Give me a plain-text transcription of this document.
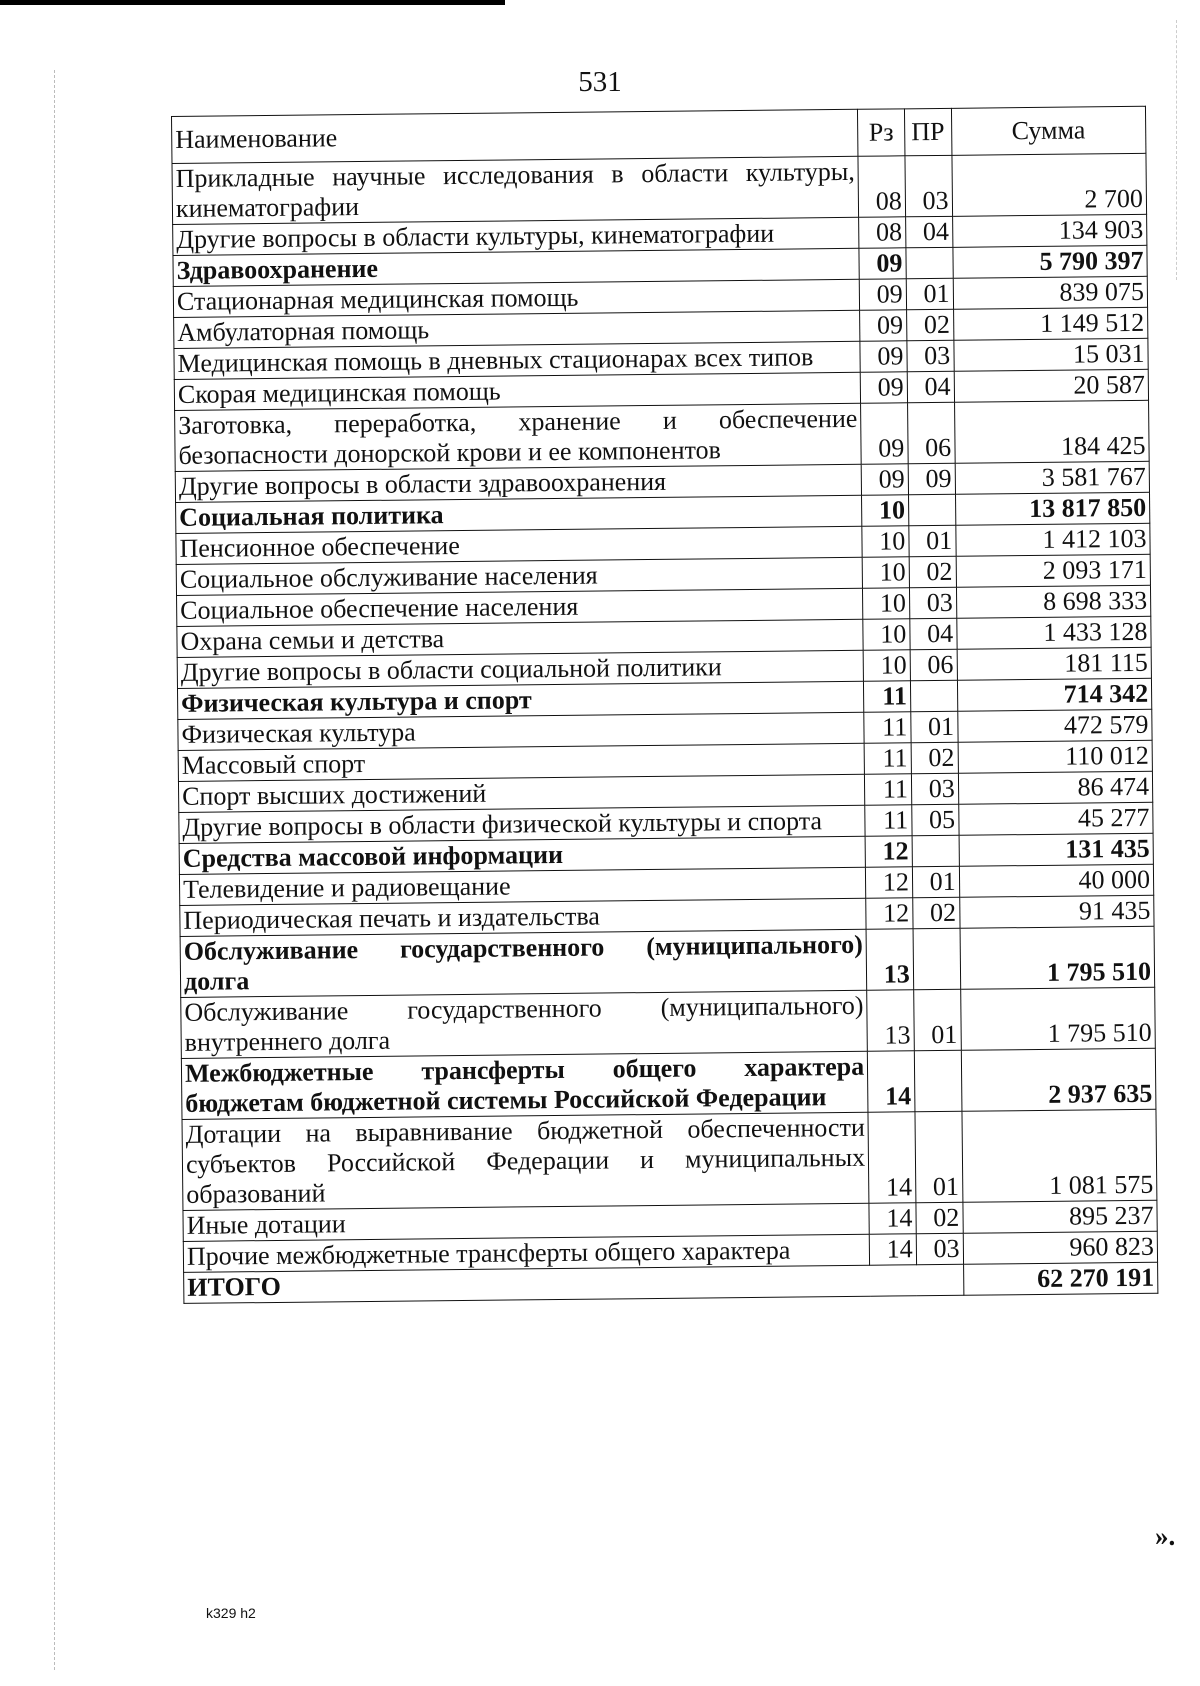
531
Наименование	Рз	ПР	Сумма
Прикладные научные исследования в области культуры, кинематографии	08	03	2 700
Другие вопросы в области культуры, кинематографии	08	04	134 903
Здравоохранение	09		5 790 397
Стационарная медицинская помощь	09	01	839 075
Амбулаторная помощь	09	02	1 149 512
Медицинская помощь в дневных стационарах всех типов	09	03	15 031
Скорая медицинская помощь	09	04	20 587
Заготовка, переработка, хранение и обеспечение безопасности донорской крови и ее компонентов	09	06	184 425
Другие вопросы в области здравоохранения	09	09	3 581 767
Социальная политика	10		13 817 850
Пенсионное обеспечение	10	01	1 412 103
Социальное обслуживание населения	10	02	2 093 171
Социальное обеспечение населения	10	03	8 698 333
Охрана семьи и детства	10	04	1 433 128
Другие вопросы в области социальной политики	10	06	181 115
Физическая культура и спорт	11		714 342
Физическая культура	11	01	472 579
Массовый спорт	11	02	110 012
Спорт высших достижений	11	03	86 474
Другие вопросы в области физической культуры и спорта	11	05	45 277
Средства массовой информации	12		131 435
Телевидение и радиовещание	12	01	40 000
Периодическая печать и издательства	12	02	91 435
Обслуживание государственного (муниципального) долга	13		1 795 510
Обслуживание государственного (муниципального) внутреннего долга	13	01	1 795 510
Межбюджетные трансферты общего характера бюджетам бюджетной системы Российской Федерации	14		2 937 635
Дотации на выравнивание бюджетной обеспеченности субъектов Российской Федерации и муниципальных образований	14	01	1 081 575
Иные дотации	14	02	895 237
Прочие межбюджетные трансферты общего характера	14	03	960 823
ИТОГО			62 270 191
».
k329 h2
